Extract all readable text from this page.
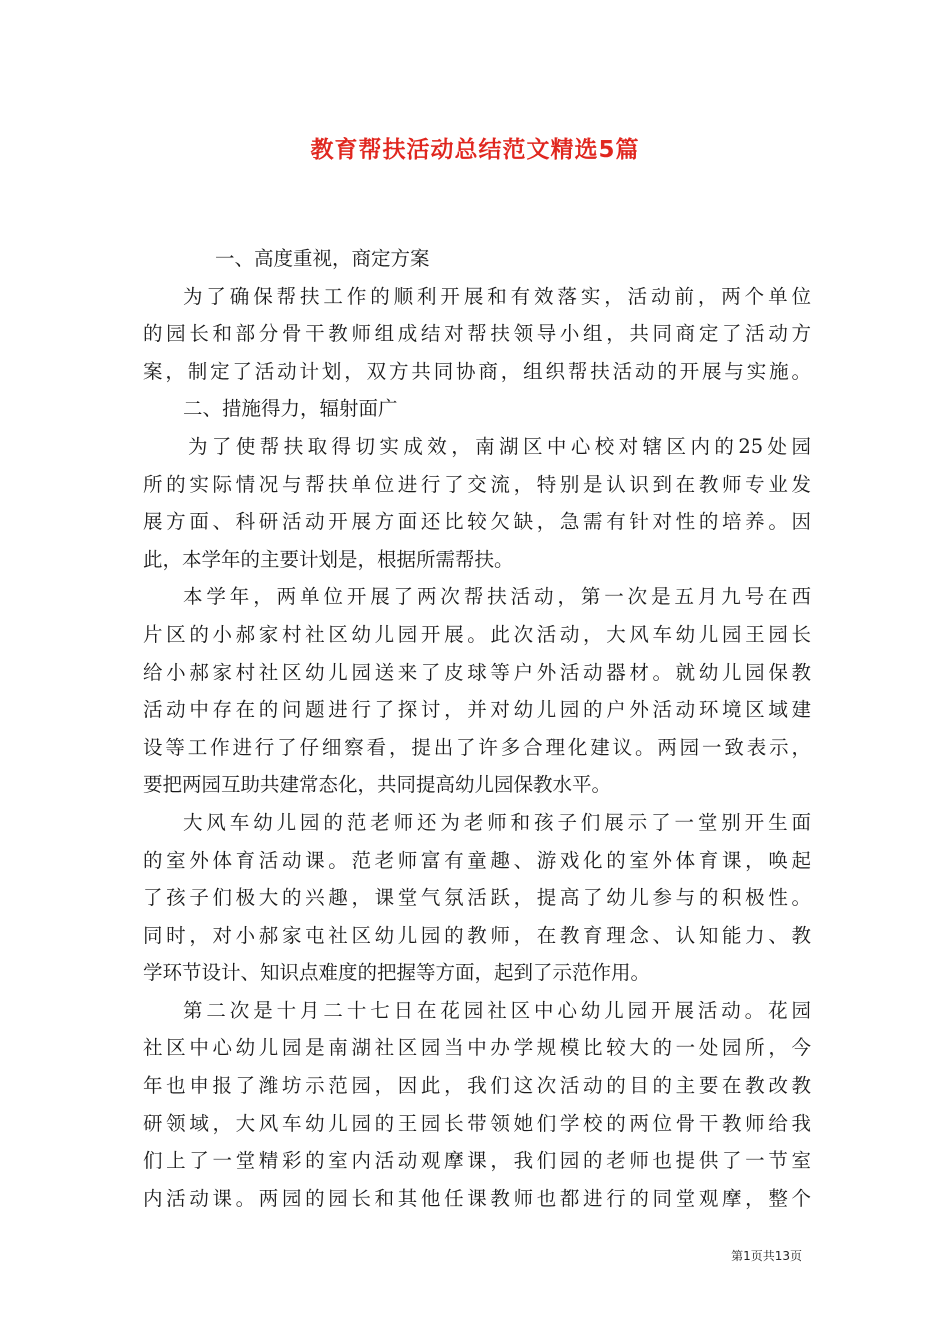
教育帮扶活动总结范文精选5篇
一、高度重视，商定方案
为了确保帮扶工作的顺利开展和有效落实，活动前，两个单位
的园长和部分骨干教师组成结对帮扶领导小组，共同商定了活动方
案，制定了活动计划，双方共同协商，组织帮扶活动的开展与实施。
二、措施得力，辐射面广
为了使帮扶取得切实成效，南湖区中心校对辖区内的25处园
所的实际情况与帮扶单位进行了交流，特别是认识到在教师专业发
展方面、科研活动开展方面还比较欠缺，急需有针对性的培养。因
此，本学年的主要计划是，根据所需帮扶。
本学年，两单位开展了两次帮扶活动，第一次是五月九号在西
片区的小郝家村社区幼儿园开展。此次活动，大风车幼儿园王园长
给小郝家村社区幼儿园送来了皮球等户外活动器材。就幼儿园保教
活动中存在的问题进行了探讨，并对幼儿园的户外活动环境区域建
设等工作进行了仔细察看，提出了许多合理化建议。两园一致表示，
要把两园互助共建常态化，共同提高幼儿园保教水平。
大风车幼儿园的范老师还为老师和孩子们展示了一堂别开生面
的室外体育活动课。范老师富有童趣、游戏化的室外体育课，唤起
了孩子们极大的兴趣，课堂气氛活跃，提高了幼儿参与的积极性。
同时，对小郝家屯社区幼儿园的教师，在教育理念、认知能力、教
学环节设计、知识点难度的把握等方面，起到了示范作用。
第二次是十月二十七日在花园社区中心幼儿园开展活动。花园
社区中心幼儿园是南湖社区园当中办学规模比较大的一处园所，今
年也申报了潍坊示范园，因此，我们这次活动的目的主要在教改教
研领域，大风车幼儿园的王园长带领她们学校的两位骨干教师给我
们上了一堂精彩的室内活动观摩课，我们园的老师也提供了一节室
内活动课。两园的园长和其他任课教师也都进行的同堂观摩，整个
第1页共13页
